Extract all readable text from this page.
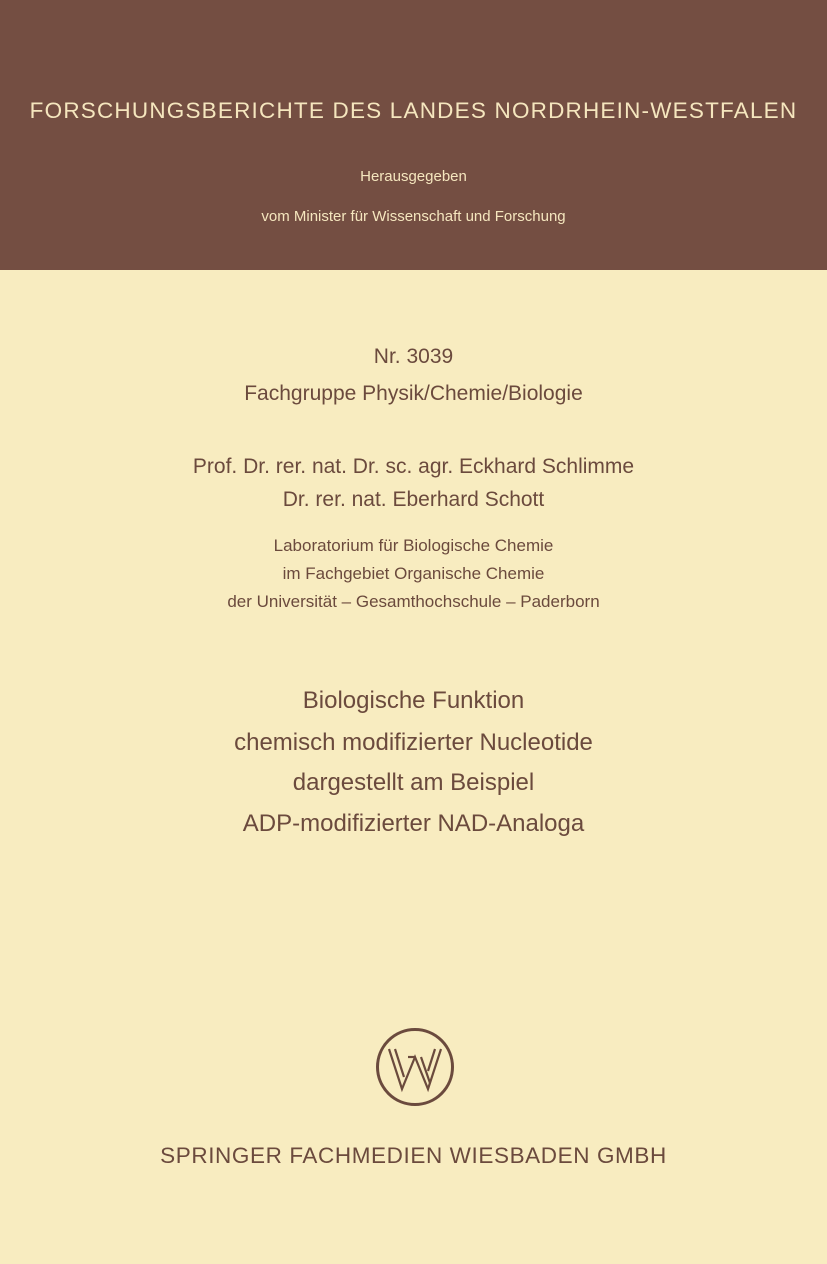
FORSCHUNGSBERICHTE DES LANDES NORDRHEIN-WESTFALEN
Herausgegeben
vom Minister für Wissenschaft und Forschung
Nr. 3039
Fachgruppe Physik/Chemie/Biologie
Prof. Dr. rer. nat. Dr. sc. agr. Eckhard Schlimme
Dr. rer. nat. Eberhard Schott
Laboratorium für Biologische Chemie
im Fachgebiet Organische Chemie
der Universität – Gesamthochschule – Paderborn
Biologische Funktion
chemisch modifizierter Nucleotide
dargestellt am Beispiel
ADP-modifizierter NAD-Analoga
SPRINGER FACHMEDIEN WIESBADEN GMBH
